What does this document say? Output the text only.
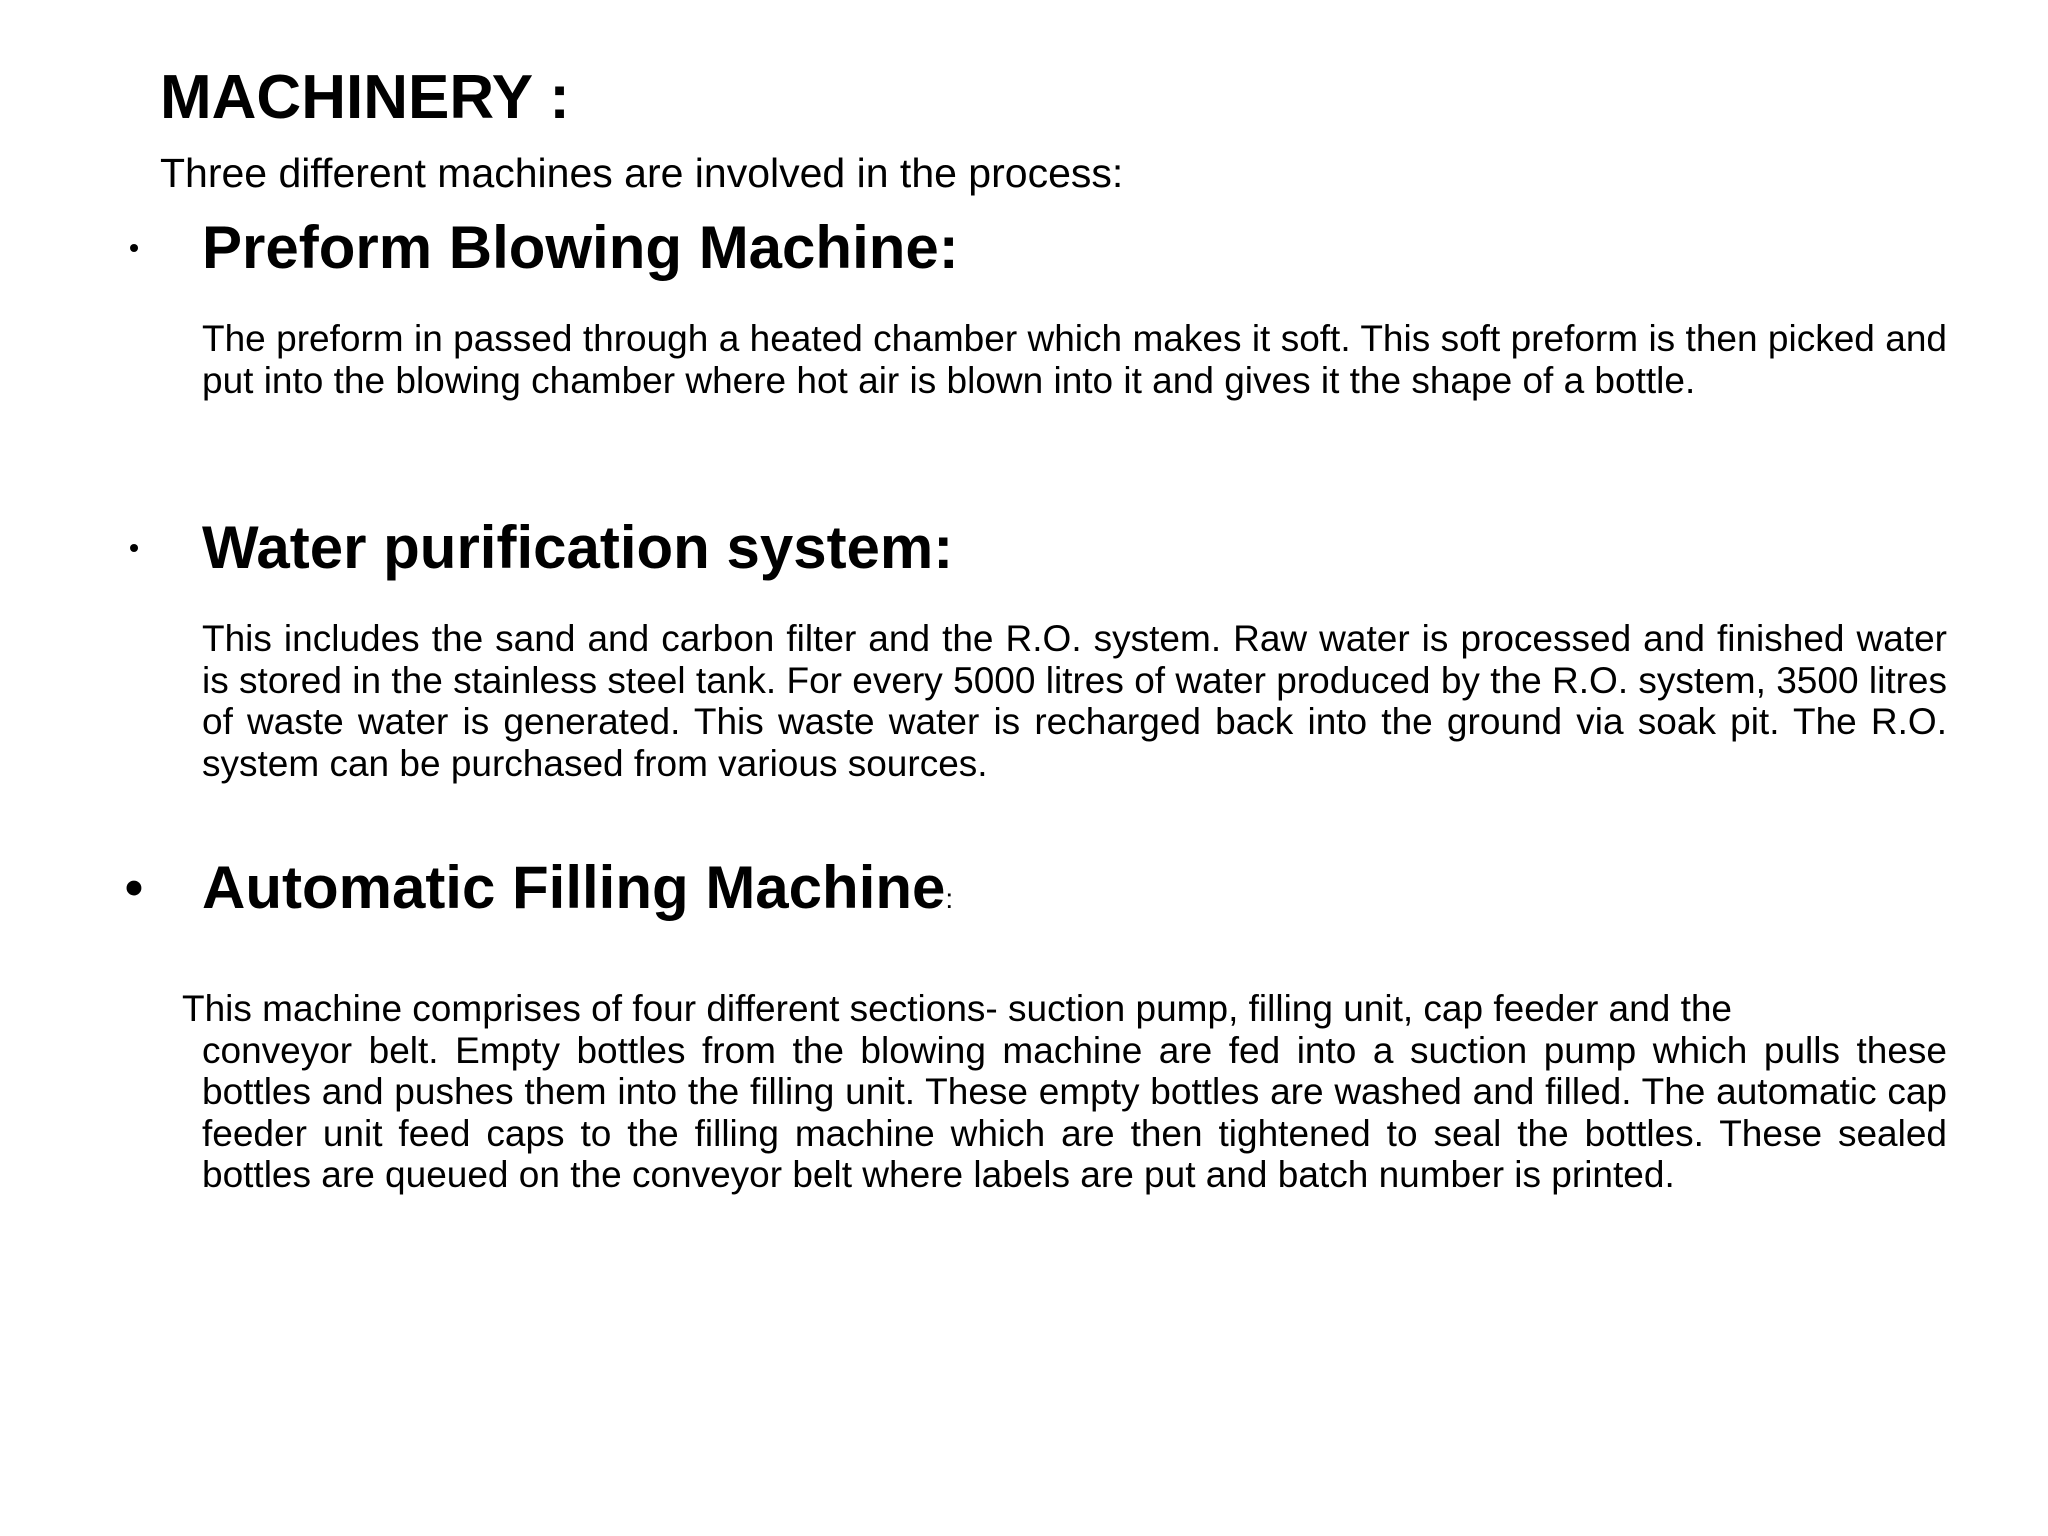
MACHINERY :
Three different machines are involved in the process:
• Preform Blowing Machine:
The preform in passed through a heated chamber which makes it soft. This soft preform is then picked and put into the blowing chamber where hot air is blown into it and gives it the shape of a bottle.
• Water purification system:
This includes the sand and carbon filter and the R.O. system. Raw water is processed and finished water is stored in the stainless steel tank. For every 5000 litres of water produced by the R.O. system, 3500 litres of waste water is generated. This waste water is recharged back into the ground via soak pit. The R.O. system can be purchased from various sources.
• Automatic Filling Machine:
This machine comprises of four different sections- suction pump, filling unit, cap feeder and the
conveyor belt. Empty bottles from the blowing machine are fed into a suction pump which pulls these bottles and pushes them into the filling unit. These empty bottles are washed and filled. The automatic cap feeder unit feed caps to the filling machine which are then tightened to seal the bottles. These sealed bottles are queued on the conveyor belt where labels are put and batch number is printed.
